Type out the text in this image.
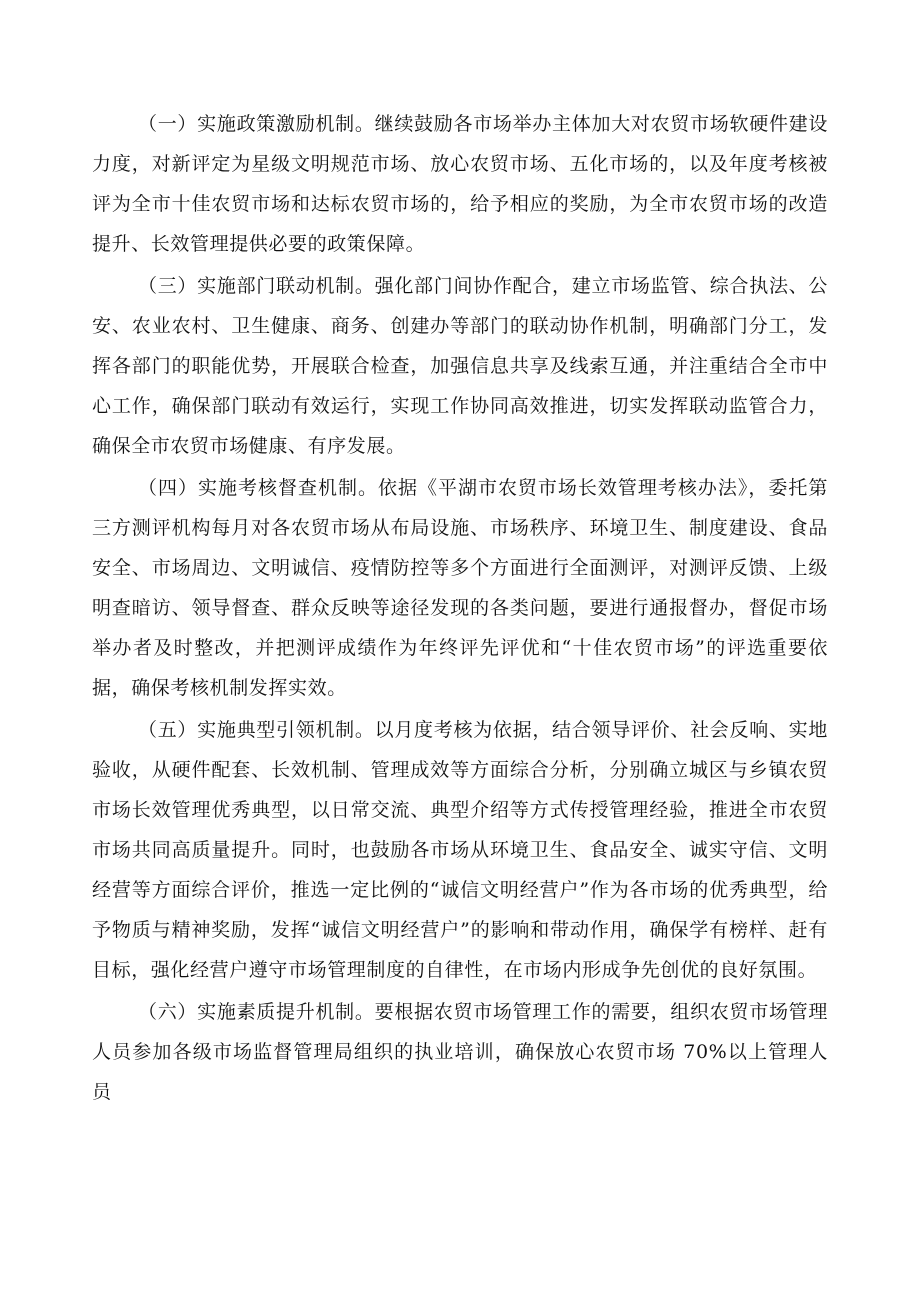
（一）实施政策激励机制。继续鼓励各市场举办主体加大对农贸市场软硬件建设力度，对新评定为星级文明规范市场、放心农贸市场、五化市场的，以及年度考核被评为全市十佳农贸市场和达标农贸市场的，给予相应的奖励，为全市农贸市场的改造提升、长效管理提供必要的政策保障。

（三）实施部门联动机制。强化部门间协作配合，建立市场监管、综合执法、公安、农业农村、卫生健康、商务、创建办等部门的联动协作机制，明确部门分工，发挥各部门的职能优势，开展联合检查，加强信息共享及线索互通，并注重结合全市中心工作，确保部门联动有效运行，实现工作协同高效推进，切实发挥联动监管合力，确保全市农贸市场健康、有序发展。

（四）实施考核督查机制。依据《平湖市农贸市场长效管理考核办法》，委托第三方测评机构每月对各农贸市场从布局设施、市场秩序、环境卫生、制度建设、食品安全、市场周边、文明诚信、疫情防控等多个方面进行全面测评，对测评反馈、上级明查暗访、领导督查、群众反映等途径发现的各类问题，要进行通报督办，督促市场举办者及时整改，并把测评成绩作为年终评先评优和“十佳农贸市场”的评选重要依据，确保考核机制发挥实效。

（五）实施典型引领机制。以月度考核为依据，结合领导评价、社会反响、实地验收，从硬件配套、长效机制、管理成效等方面综合分析，分别确立城区与乡镇农贸市场长效管理优秀典型，以日常交流、典型介绍等方式传授管理经验，推进全市农贸市场共同高质量提升。同时，也鼓励各市场从环境卫生、食品安全、诚实守信、文明经营等方面综合评价，推选一定比例的“诚信文明经营户”作为各市场的优秀典型，给予物质与精神奖励，发挥“诚信文明经营户”的影响和带动作用，确保学有榜样、赶有目标，强化经营户遵守市场管理制度的自律性，在市场内形成争先创优的良好氛围。

（六）实施素质提升机制。要根据农贸市场管理工作的需要，组织农贸市场管理人员参加各级市场监督管理局组织的执业培训，确保放心农贸市场 70%以上管理人员
